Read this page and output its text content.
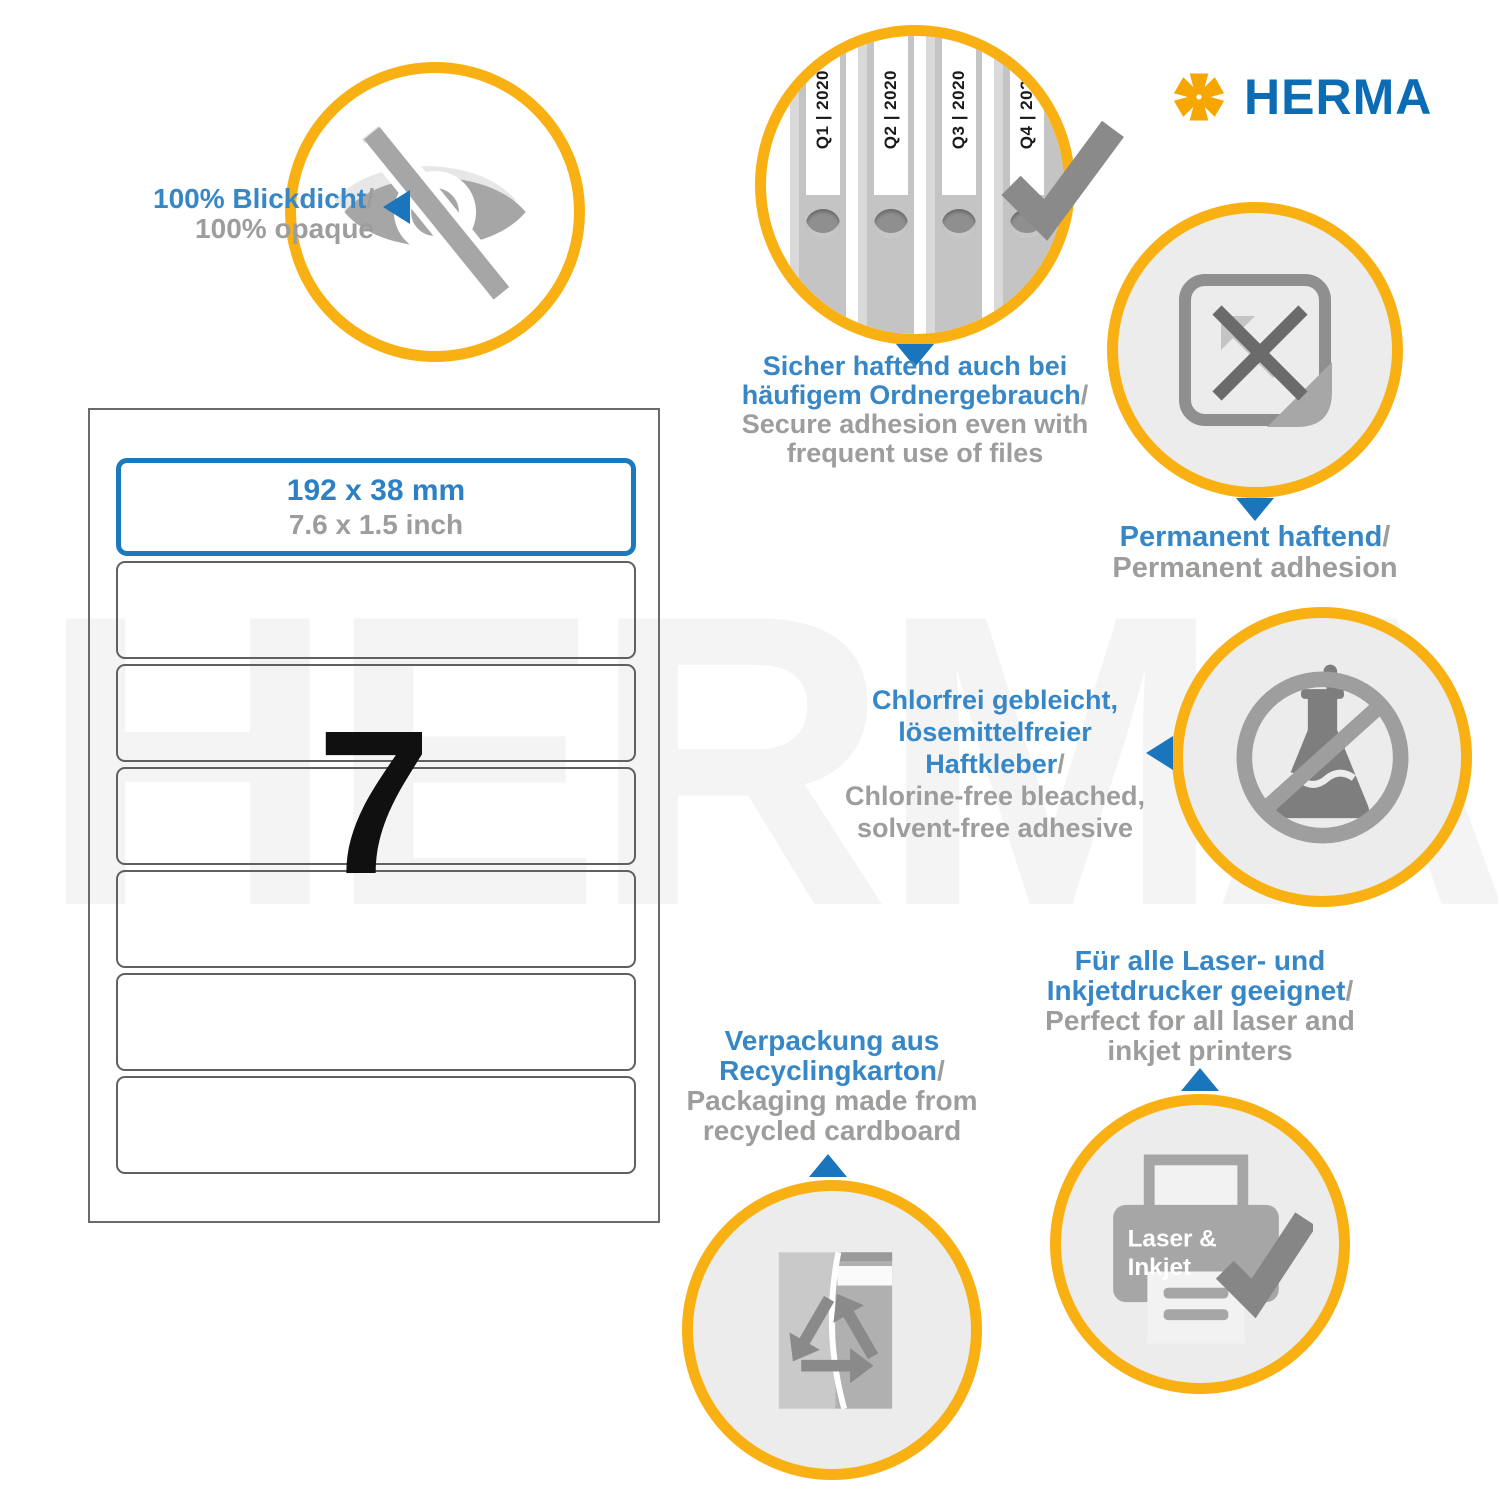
HERMA
192 x 38 mm
7.6 x 1.5 inch
7
100% Blickdicht/
100% opaque
Q1 | 2020	Q2 | 2020	Q3 | 2020	Q4 | 2020
Sicher haftend auch bei
häufigem Ordnergebrauch/
Secure adhesion even with
frequent use of files
Permanent haftend/
Permanent adhesion
Chlorfrei gebleicht,
lösemittelfreier
Haftkleber/
Chlorine-free bleached,
solvent-free adhesive
Für alle Laser- und
Inkjetdrucker geeignet/
Perfect for all laser and
inkjet printers
Laser &
Inkjet
Verpackung aus
Recyclingkarton/
Packaging made from
recycled cardboard
